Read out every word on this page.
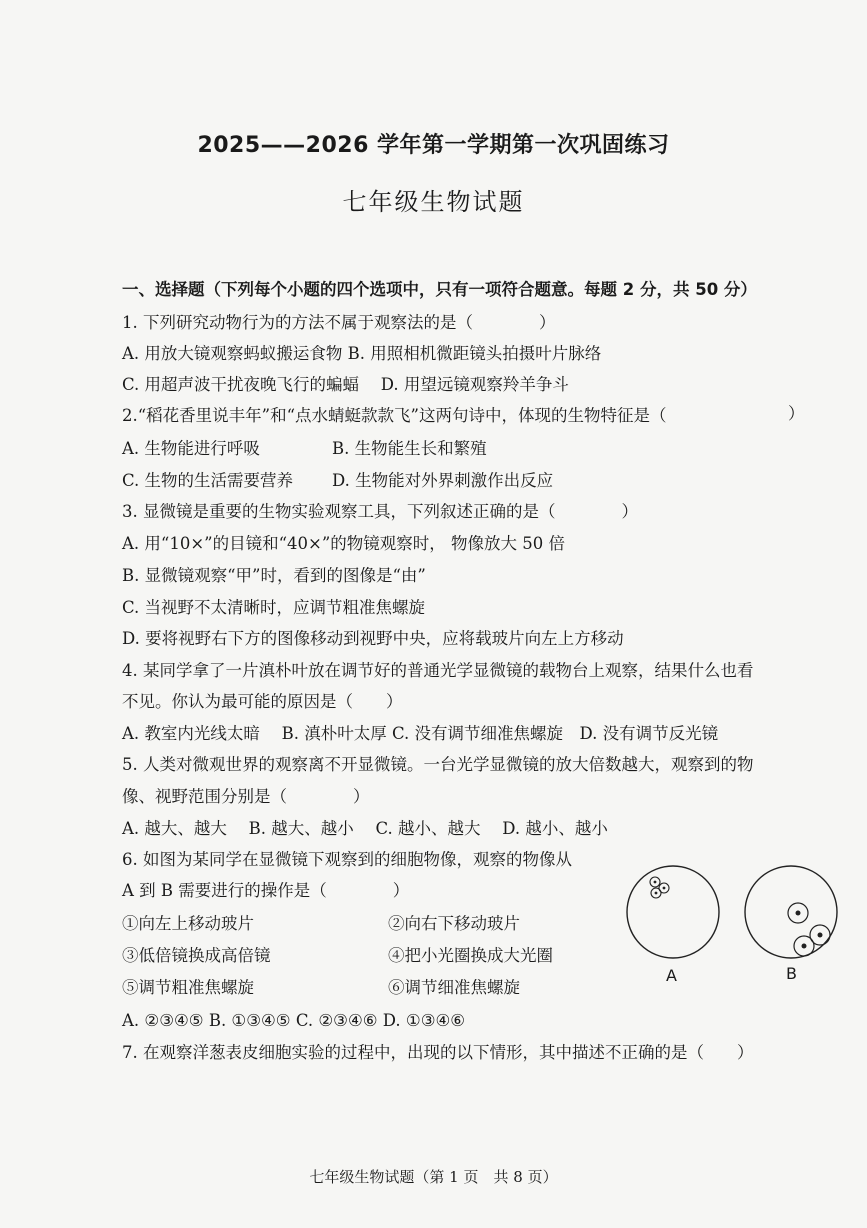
2025——2026 学年第一学期第一次巩固练习
七年级生物试题
一、选择题（下列每个小题的四个选项中，只有一项符合题意。每题 2 分，共 50 分）
1. 下列研究动物行为的方法不属于观察法的是（　　　　）
A. 用放大镜观察蚂蚁搬运食物 B. 用照相机微距镜头拍摄叶片脉络
C. 用超声波干扰夜晚飞行的蝙蝠　 D. 用望远镜观察羚羊争斗
2.“稻花香里说丰年”和“点水蜻蜓款款飞”这两句诗中，体现的生物特征是（	）
A. 生物能进行呼吸	B. 生物能生长和繁殖
C. 生物的生活需要营养 D. 生物能对外界刺激作出反应
3. 显微镜是重要的生物实验观察工具，下列叙述正确的是（　　　　）
A. 用“10×”的目镜和“40×”的物镜观察时， 物像放大 50 倍
B. 显微镜观察“甲”时，看到的图像是“由”
C. 当视野不太清晰时，应调节粗准焦螺旋
D. 要将视野右下方的图像移动到视野中央，应将载玻片向左上方移动
4. 某同学拿了一片滇朴叶放在调节好的普通光学显微镜的载物台上观察，结果什么也看
不见。你认为最可能的原因是（　　）
A. 教室内光线太暗　 B. 滇朴叶太厚 C. 没有调节细准焦螺旋　D. 没有调节反光镜
5. 人类对微观世界的观察离不开显微镜。一台光学显微镜的放大倍数越大，观察到的物
像、视野范围分别是（　　　　）
A. 越大、越大　 B. 越大、越小　 C. 越小、越大　 D. 越小、越小
6. 如图为某同学在显微镜下观察到的细胞物像，观察的物像从
A 到 B 需要进行的操作是（　　　　）
①向左上移动玻片	②向右下移动玻片
③低倍镜换成高倍镜	④把小光圈换成大光圈
⑤调节粗准焦螺旋	⑥调节细准焦螺旋
A. ②③④⑤ B. ①③④⑤ C. ②③④⑥ D. ①③④⑥
A	B
7. 在观察洋葱表皮细胞实验的过程中，出现的以下情形，其中描述不正确的是（　　）
七年级生物试题（第 1 页　共 8 页）
